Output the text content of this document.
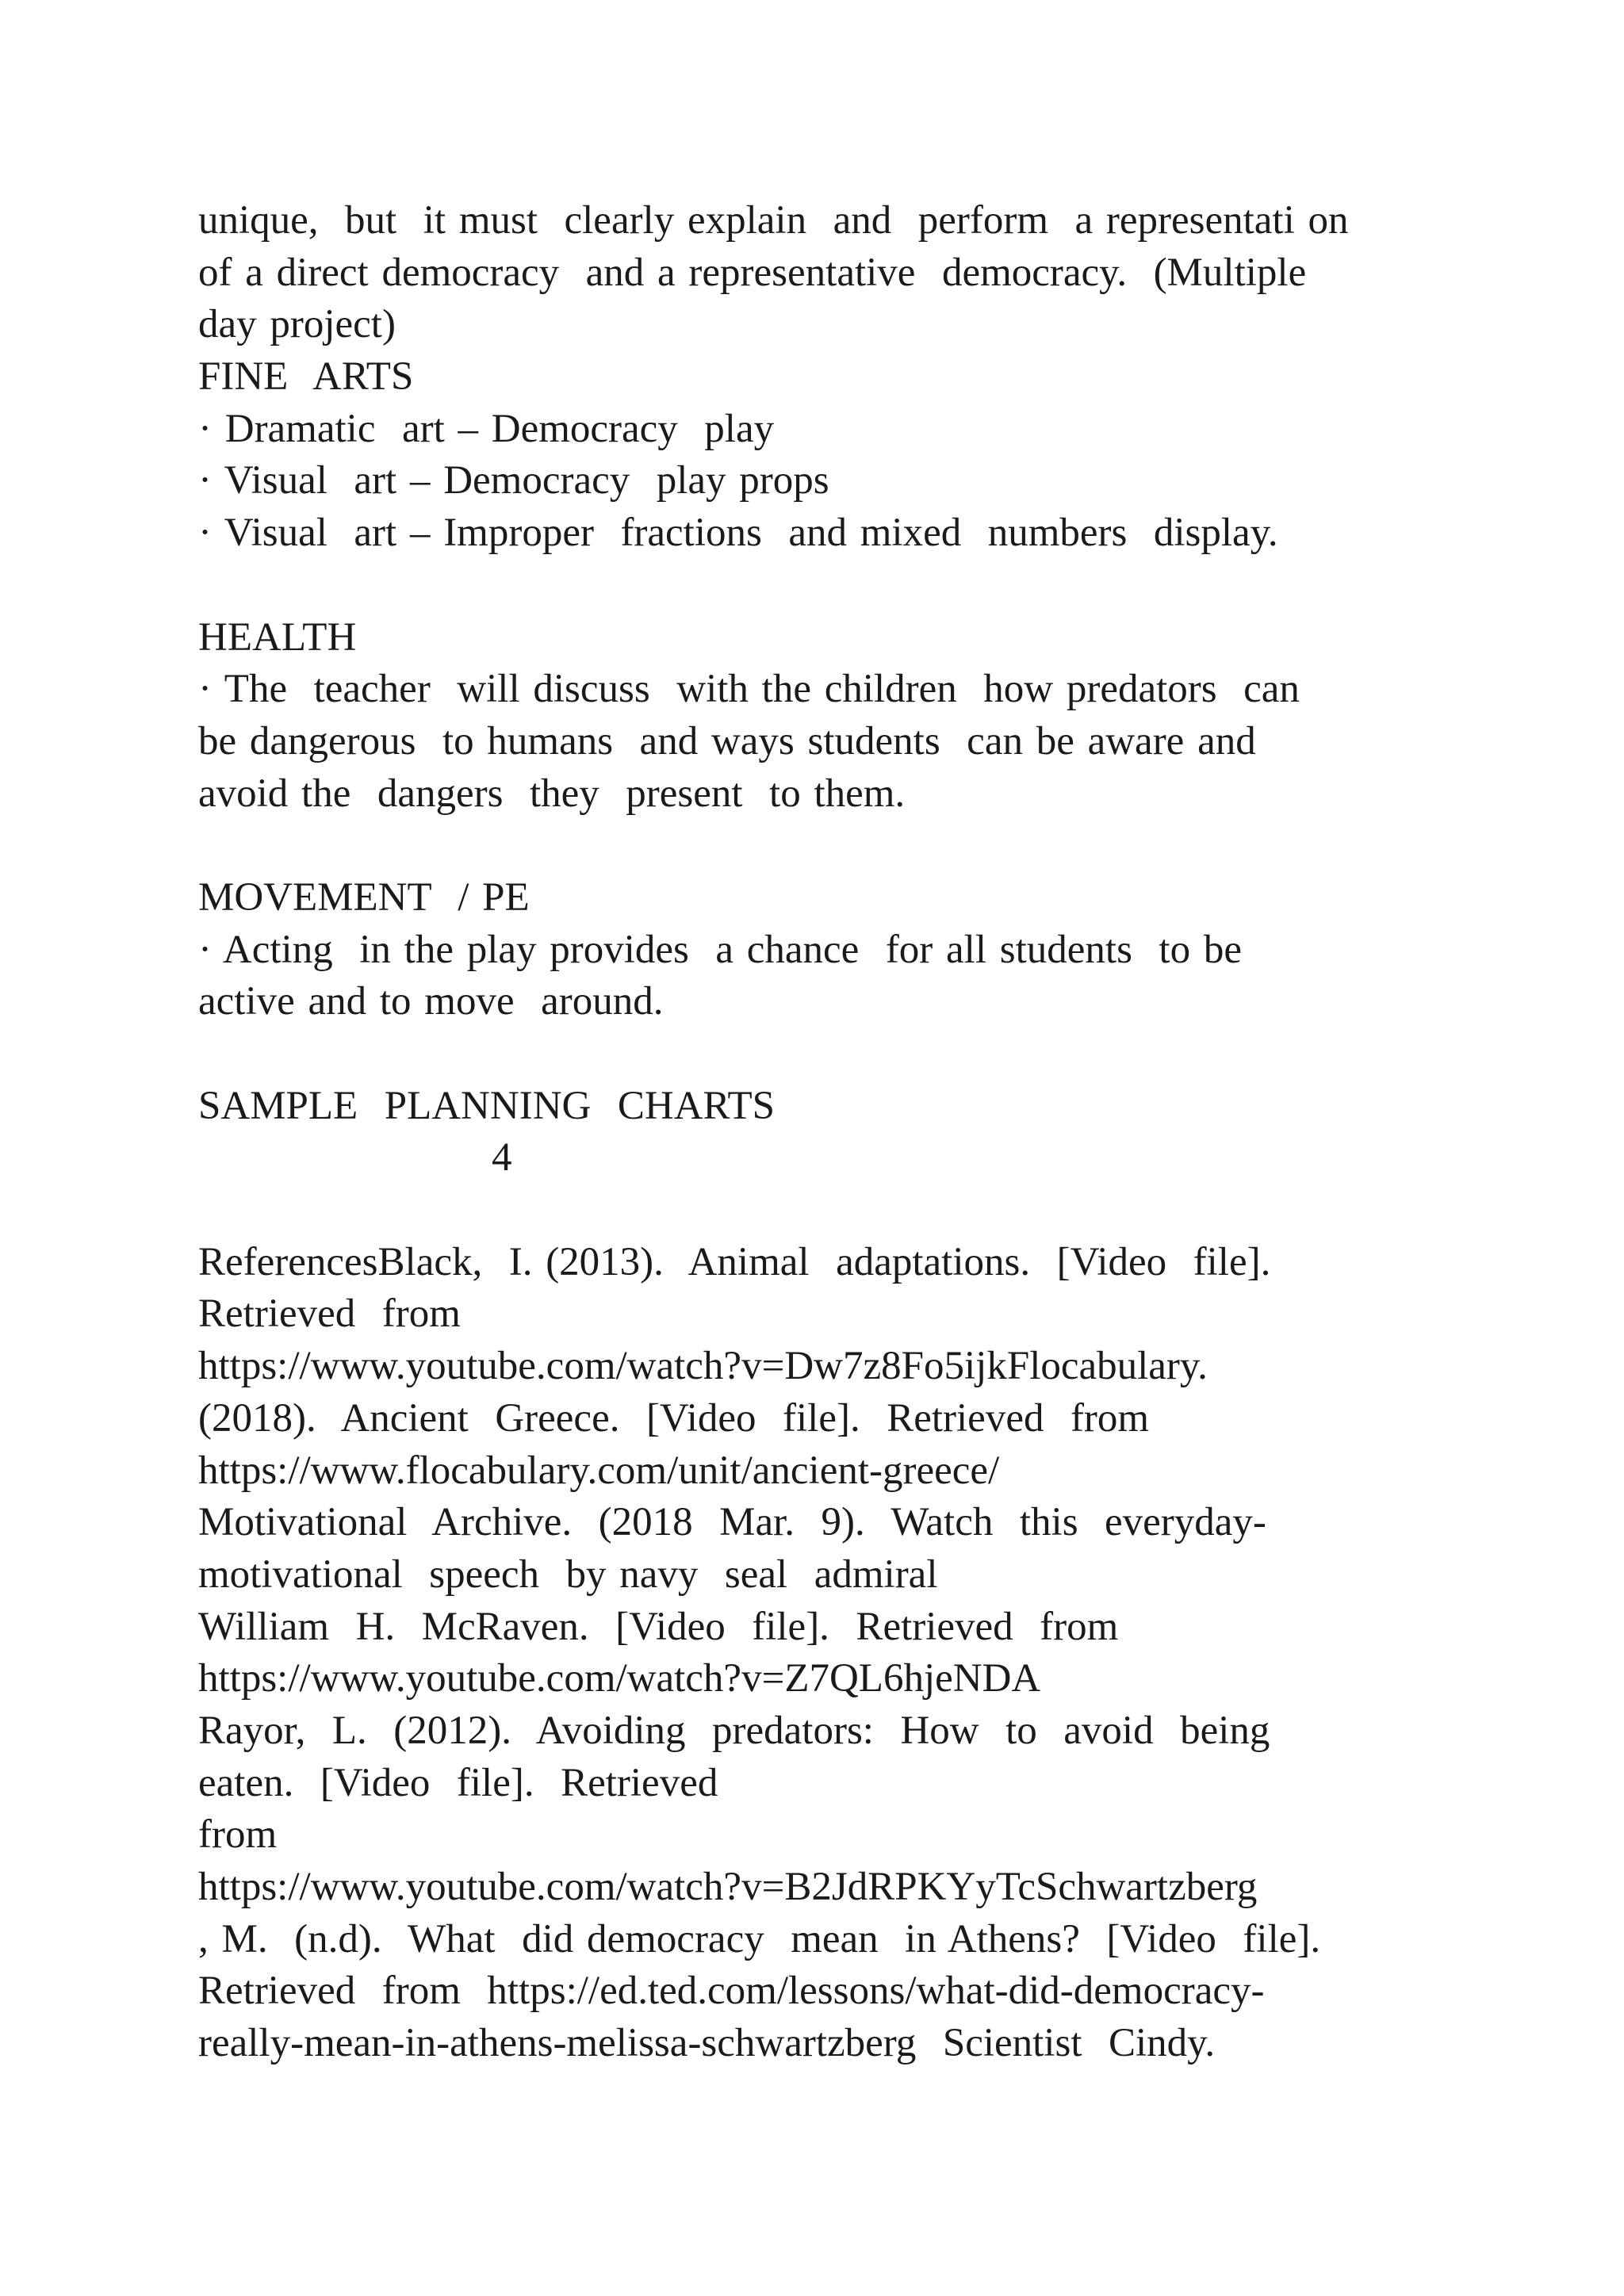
unique,  but  it must  clearly explain  and  perform  a representati on
of a direct democracy  and a representative  democracy.  (Multiple
day project)
FINE  ARTS
· Dramatic  art – Democracy  play
· Visual  art – Democracy  play props
· Visual  art – Improper  fractions  and mixed  numbers  display.
HEALTH
· The  teacher  will discuss  with the children  how predators  can
be dangerous  to humans  and ways students  can be aware and
avoid the  dangers  they  present  to them.
MOVEMENT  / PE
· Acting  in the play provides  a chance  for all students  to be
active and to move  around.
SAMPLE  PLANNING  CHARTS
4
ReferencesBlack,  I. (2013).  Animal  adaptations.  [Video  file].
Retrieved  from
https://www.youtube.com/watch?v=Dw7z8Fo5ijkFlocabulary.
(2018).  Ancient  Greece.  [Video  file].  Retrieved  from
https://www.flocabulary.com/unit/ancient-greece/
Motivational  Archive.  (2018  Mar.  9).  Watch  this  everyday-
motivational  speech  by navy  seal  admiral
William  H.  McRaven.  [Video  file].  Retrieved  from
https://www.youtube.com/watch?v=Z7QL6hjeNDA
Rayor,  L.  (2012).  Avoiding  predators:  How  to  avoid  being
eaten.  [Video  file].  Retrieved
from
https://www.youtube.com/watch?v=B2JdRPKYyTcSchwartzberg
, M.  (n.d).  What  did democracy  mean  in Athens?  [Video  file].
Retrieved  from  https://ed.ted.com/lessons/what-did-democracy-
really-mean-in-athens-melissa-schwartzberg  Scientist  Cindy.
